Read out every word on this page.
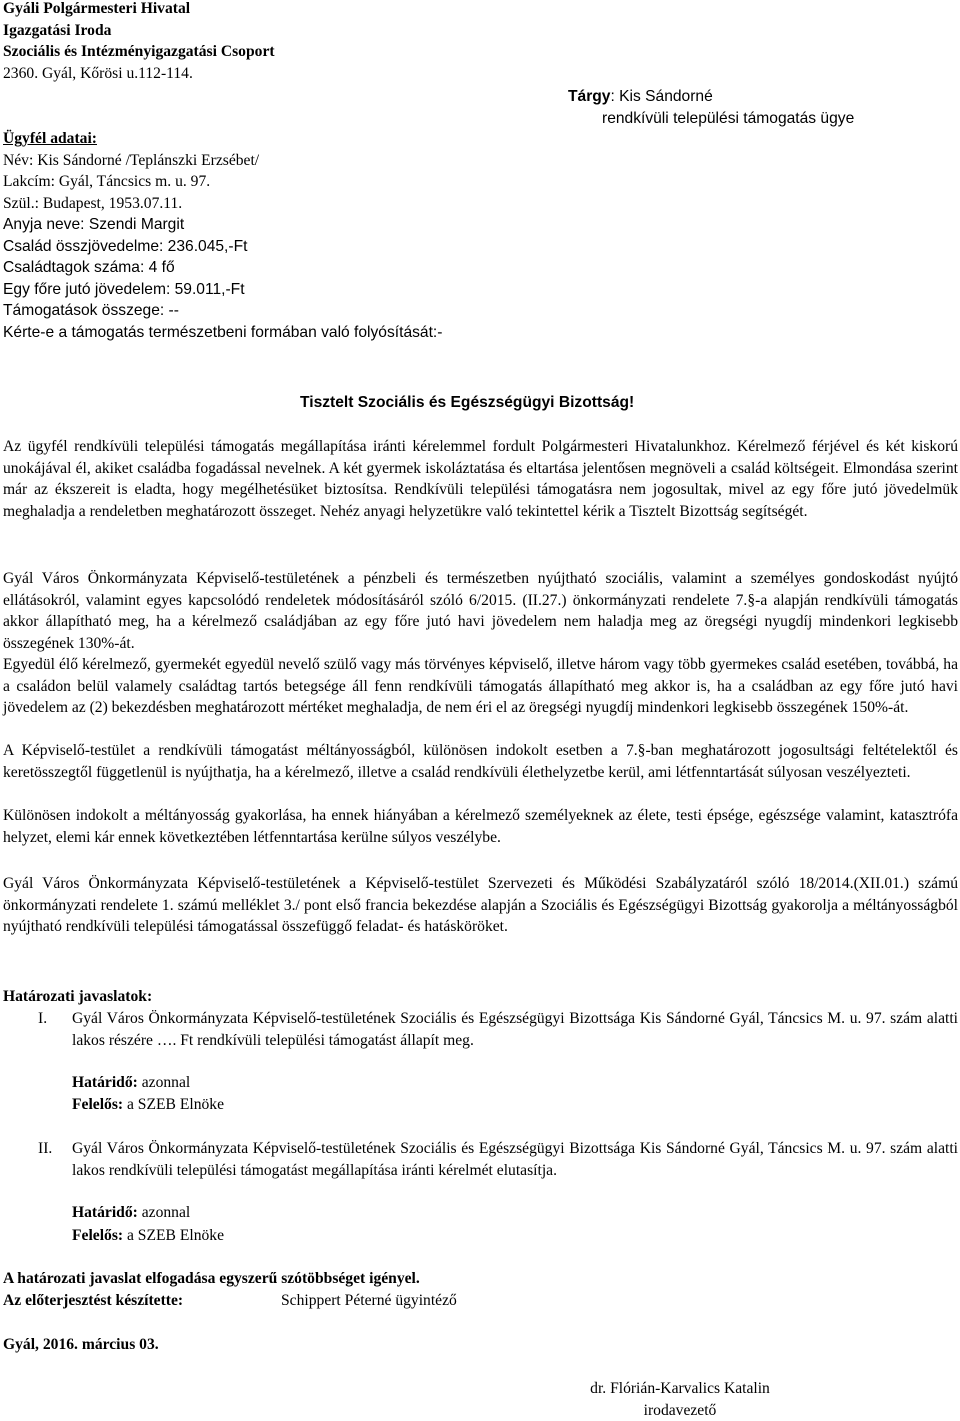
Gyáli Polgármesteri Hivatal
Igazgatási Iroda
Szociális és Intézményigazgatási Csoport
2360. Gyál, Kőrösi u.112-114.
Tárgy: Kis Sándorné
rendkívüli települési támogatás ügye
Ügyfél adatai:
Név: Kis Sándorné /Teplánszki Erzsébet/
Lakcím: Gyál, Táncsics m. u. 97.
Szül.: Budapest, 1953.07.11.
Anyja neve: Szendi Margit
Család összjövedelme: 236.045,-Ft
Családtagok száma: 4 fő
Egy főre jutó jövedelem: 59.011,-Ft
Támogatások összege: --
Kérte-e a támogatás természetbeni formában való folyósítását:-
Tisztelt Szociális és Egészségügyi Bizottság!

Az ügyfél rendkívüli települési támogatás megállapítása iránti kérelemmel fordult Polgármesteri Hivatalunkhoz. Kérelmező férjével és két kiskorú unokájával él, akiket családba fogadással nevelnek. A két gyermek iskoláztatása és eltartása jelentősen megnöveli a család költségeit. Elmondása szerint már az ékszereit is eladta, hogy megélhetésüket biztosítsa. Rendkívüli települési támogatásra nem jogosultak, mivel az egy főre jutó jövedelmük meghaladja a rendeletben meghatározott összeget. Nehéz anyagi helyzetükre való tekintettel kérik a Tisztelt Bizottság segítségét.

Gyál Város Önkormányzata Képviselő-testületének a pénzbeli és természetben nyújtható szociális, valamint a személyes gondoskodást nyújtó ellátásokról, valamint egyes kapcsolódó rendeletek módosításáról szóló 6/2015. (II.27.) önkormányzati rendelete 7.§-a alapján rendkívüli támogatás akkor állapítható meg, ha a kérelmező családjában az egy főre jutó havi jövedelem nem haladja meg az öregségi nyugdíj mindenkori legkisebb összegének 130%-át.

Egyedül élő kérelmező, gyermekét egyedül nevelő szülő vagy más törvényes képviselő, illetve három vagy több gyermekes család esetében, továbbá, ha a családon belül valamely családtag tartós betegsége áll fenn rendkívüli támogatás állapítható meg akkor is, ha a családban az egy főre jutó havi jövedelem az (2) bekezdésben meghatározott mértéket meghaladja, de nem éri el az öregségi nyugdíj mindenkori legkisebb összegének 150%-át.

A Képviselő-testület a rendkívüli támogatást méltányosságból, különösen indokolt esetben a 7.§-ban meghatározott jogosultsági feltételektől és keretösszegtől függetlenül is nyújthatja, ha a kérelmező, illetve a család rendkívüli élethelyzetbe kerül, ami létfenntartását súlyosan veszélyezteti.

Különösen indokolt a méltányosság gyakorlása, ha ennek hiányában a kérelmező személyeknek az élete, testi épsége, egészsége valamint, katasztrófa helyzet, elemi kár ennek következtében létfenntartása kerülne súlyos veszélybe.

Gyál Város Önkormányzata Képviselő-testületének a Képviselő-testület Szervezeti és Működési Szabályzatáról szóló 18/2014.(XII.01.) számú önkormányzati rendelete 1. számú melléklet 3./ pont első francia bekezdése alapján a Szociális és Egészségügyi Bizottság gyakorolja a méltányosságból nyújtható rendkívüli települési támogatással összefüggő feladat- és hatásköröket.

Határozati javaslatok:
I. Gyál Város Önkormányzata Képviselő-testületének Szociális és Egészségügyi Bizottsága Kis Sándorné Gyál, Táncsics M. u. 97. szám alatti lakos részére …. Ft rendkívüli települési támogatást állapít meg.

Határidő: azonnal
Felelős: a SZEB Elnöke
II. Gyál Város Önkormányzata Képviselő-testületének Szociális és Egészségügyi Bizottsága Kis Sándorné Gyál, Táncsics M. u. 97. szám alatti lakos rendkívüli települési támogatást megállapítása iránti kérelmét elutasítja.

Határidő: azonnal
Felelős: a SZEB Elnöke
A határozati javaslat elfogadása egyszerű szótöbbséget igényel.
Az előterjesztést készítette:	Schippert Péterné ügyintéző
Gyál, 2016. március 03.
dr. Flórián-Karvalics Katalin
irodavezető
